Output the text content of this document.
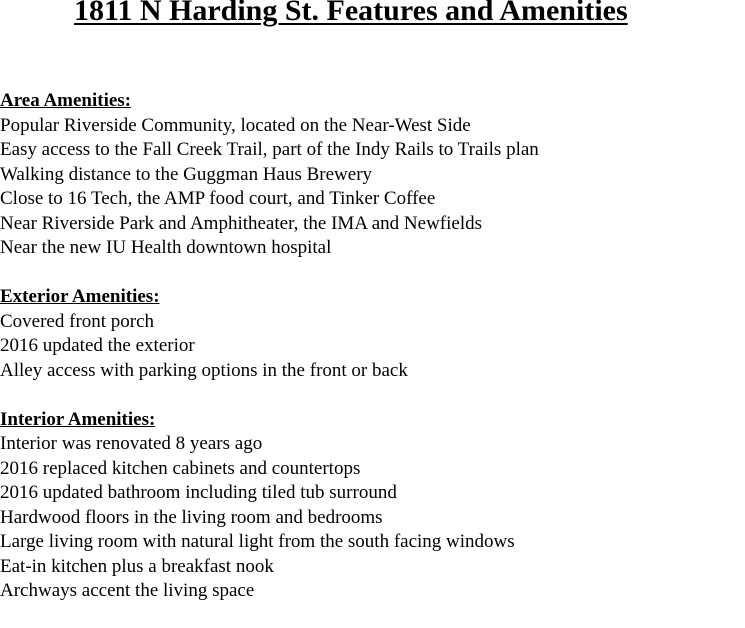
1811 N Harding St. Features and Amenities
Area Amenities:
Popular Riverside Community, located on the Near-West Side
Easy access to the Fall Creek Trail, part of the Indy Rails to Trails plan
Walking distance to the Guggman Haus Brewery
Close to 16 Tech, the AMP food court, and Tinker Coffee
Near Riverside Park and Amphitheater, the IMA and Newfields
Near the new IU Health downtown hospital
Exterior Amenities:
Covered front porch
2016 updated the exterior
Alley access with parking options in the front or back
Interior Amenities:
Interior was renovated 8 years ago
2016 replaced kitchen cabinets and countertops
2016 updated bathroom including tiled tub surround
Hardwood floors in the living room and bedrooms
Large living room with natural light from the south facing windows
Eat-in kitchen plus a breakfast nook
Archways accent the living space
